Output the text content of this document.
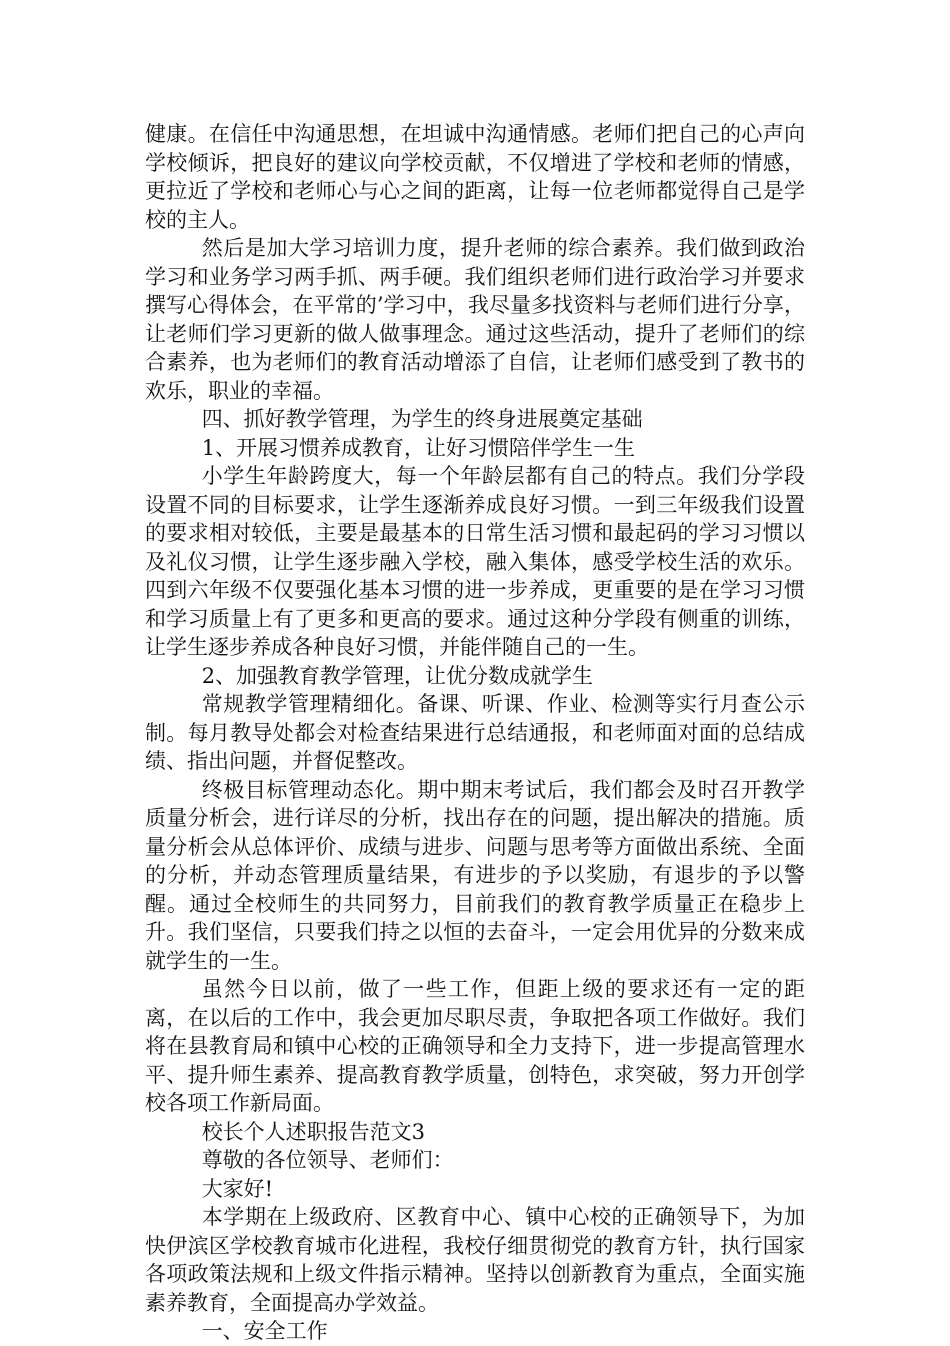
健康。在信任中沟通思想，在坦诚中沟通情感。老师们把自己的心声向学校倾诉，把良好的建议向学校贡献，不仅增进了学校和老师的情感，更拉近了学校和老师心与心之间的距离，让每一位老师都觉得自己是学校的主人。

然后是加大学习培训力度，提升老师的综合素养。我们做到政治学习和业务学习两手抓、两手硬。我们组织老师们进行政治学习并要求撰写心得体会，在平常的’学习中，我尽量多找资料与老师们进行分享，让老师们学习更新的做人做事理念。通过这些活动，提升了老师们的综合素养，也为老师们的教育活动增添了自信，让老师们感受到了教书的欢乐，职业的幸福。

四、抓好教学管理，为学生的终身进展奠定基础

1、开展习惯养成教育，让好习惯陪伴学生一生

小学生年龄跨度大，每一个年龄层都有自己的特点。我们分学段设置不同的目标要求，让学生逐渐养成良好习惯。一到三年级我们设置的要求相对较低，主要是最基本的日常生活习惯和最起码的学习习惯以及礼仪习惯，让学生逐步融入学校，融入集体，感受学校生活的欢乐。四到六年级不仅要强化基本习惯的进一步养成，更重要的是在学习习惯和学习质量上有了更多和更高的要求。通过这种分学段有侧重的训练，让学生逐步养成各种良好习惯，并能伴随自己的一生。

2、加强教育教学管理，让优分数成就学生

常规教学管理精细化。备课、听课、作业、检测等实行月查公示制。每月教导处都会对检查结果进行总结通报，和老师面对面的总结成绩、指出问题，并督促整改。

终极目标管理动态化。期中期末考试后，我们都会及时召开教学质量分析会，进行详尽的分析，找出存在的问题，提出解决的措施。质量分析会从总体评价、成绩与进步、问题与思考等方面做出系统、全面的分析，并动态管理质量结果，有进步的予以奖励，有退步的予以警醒。通过全校师生的共同努力，目前我们的教育教学质量正在稳步上升。我们坚信，只要我们持之以恒的去奋斗，一定会用优异的分数来成就学生的一生。

虽然今日以前，做了一些工作，但距上级的要求还有一定的距离，在以后的工作中，我会更加尽职尽责，争取把各项工作做好。我们将在县教育局和镇中心校的正确领导和全力支持下，进一步提高管理水平、提升师生素养、提高教育教学质量，创特色，求突破，努力开创学校各项工作新局面。

校长个人述职报告范文3

尊敬的各位领导、老师们：

大家好!

本学期在上级政府、区教育中心、镇中心校的正确领导下，为加快伊滨区学校教育城市化进程，我校仔细贯彻党的教育方针，执行国家各项政策法规和上级文件指示精神。坚持以创新教育为重点，全面实施素养教育，全面提高办学效益。

一、安全工作
